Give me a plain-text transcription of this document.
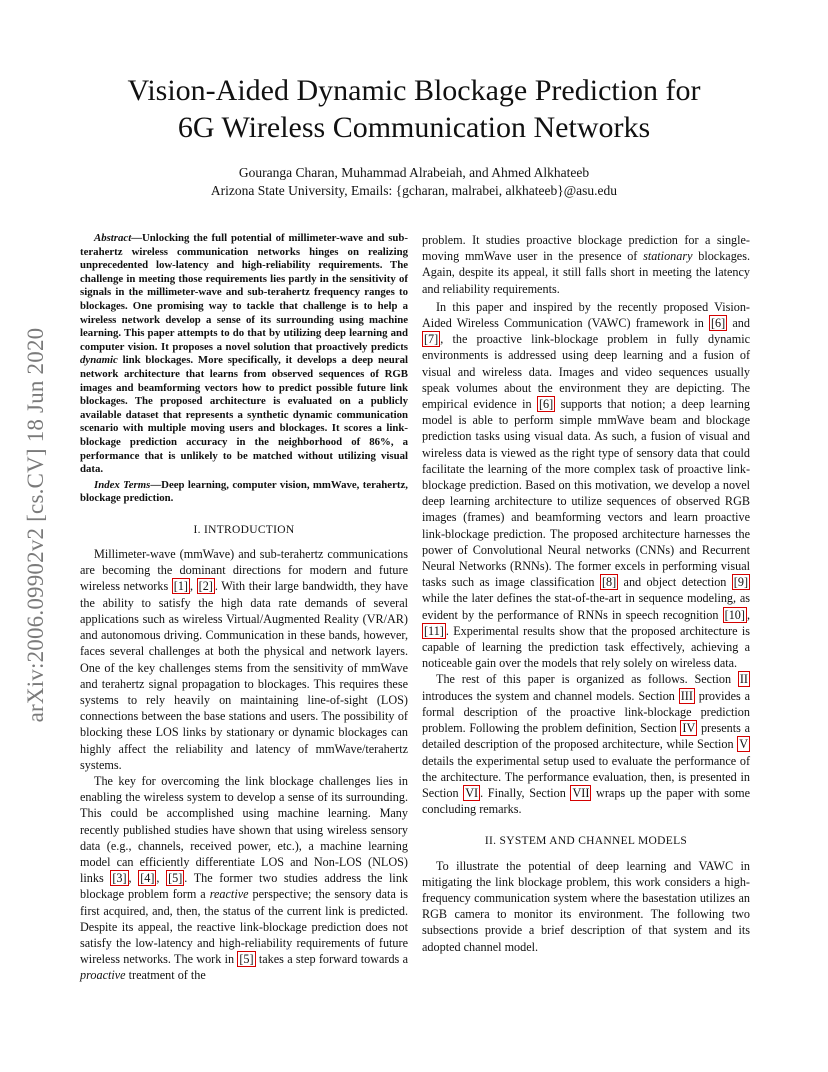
arXiv:2006.09902v2 [cs.CV] 18 Jun 2020
Vision-Aided Dynamic Blockage Prediction for
6G Wireless Communication Networks
Gouranga Charan, Muhammad Alrabeiah, and Ahmed Alkhateeb
Arizona State University, Emails: {gcharan, malrabei, alkhateeb}@asu.edu

Abstract—Unlocking the full potential of millimeter-wave and sub-terahertz wireless communication networks hinges on realizing unprecedented low-latency and high-reliability requirements. The challenge in meeting those requirements lies partly in the sensitivity of signals in the millimeter-wave and sub-terahertz frequency ranges to blockages. One promising way to tackle that challenge is to help a wireless network develop a sense of its surrounding using machine learning. This paper attempts to do that by utilizing deep learning and computer vision. It proposes a novel solution that proactively predicts dynamic link blockages. More specifically, it develops a deep neural network architecture that learns from observed sequences of RGB images and beamforming vectors how to predict possible future link blockages. The proposed architecture is evaluated on a publicly available dataset that represents a synthetic dynamic communication scenario with multiple moving users and blockages. It scores a link-blockage prediction accuracy in the neighborhood of 86%, a performance that is unlikely to be matched without utilizing visual data.

Index Terms—Deep learning, computer vision, mmWave, terahertz, blockage prediction.

I. INTRODUCTION

Millimeter-wave (mmWave) and sub-terahertz communications are becoming the dominant directions for modern and future wireless networks [1] , [2] . With their large bandwidth, they have the ability to satisfy the high data rate demands of several applications such as wireless Virtual/Augmented Reality (VR/AR) and autonomous driving. Communication in these bands, however, faces several challenges at both the physical and network layers. One of the key challenges stems from the sensitivity of mmWave and terahertz signal propagation to blockages. This requires these systems to rely heavily on maintaining line-of-sight (LOS) connections between the base stations and users. The possibility of blocking these LOS links by stationary or dynamic blockages can highly affect the reliability and latency of mmWave/terahertz systems.

The key for overcoming the link blockage challenges lies in enabling the wireless system to develop a sense of its surrounding. This could be accomplished using machine learning. Many recently published studies have shown that using wireless sensory data (e.g., channels, received power, etc.), a machine learning model can efficiently differentiate LOS and Non-LOS (NLOS) links [3] , [4] , [5] . The former two studies address the link blockage problem form a reactive perspective; the sensory data is first acquired, and, then, the status of the current link is predicted. Despite its appeal, the reactive link-blockage prediction does not satisfy the low-latency and high-reliability requirements of future wireless networks. The work in [5] takes a step forward towards a proactive treatment of the

problem. It studies proactive blockage prediction for a single-moving mmWave user in the presence of stationary blockages. Again, despite its appeal, it still falls short in meeting the latency and reliability requirements.

In this paper and inspired by the recently proposed Vision-Aided Wireless Communication (VAWC) framework in [6] and [7] , the proactive link-blockage problem in fully dynamic environments is addressed using deep learning and a fusion of visual and wireless data. Images and video sequences usually speak volumes about the environment they are depicting. The empirical evidence in [6] supports that notion; a deep learning model is able to perform simple mmWave beam and blockage prediction tasks using visual data. As such, a fusion of visual and wireless data is viewed as the right type of sensory data that could facilitate the learning of the more complex task of proactive link-blockage prediction. Based on this motivation, we develop a novel deep learning architecture to utilize sequences of observed RGB images (frames) and beamforming vectors and learn proactive link-blockage prediction. The proposed architecture harnesses the power of Convolutional Neural networks (CNNs) and Recurrent Neural Networks (RNNs). The former excels in performing visual tasks such as image classification [8] and object detection [9] while the later defines the stat-of-the-art in sequence modeling, as evident by the performance of RNNs in speech recognition [10] , [11] . Experimental results show that the proposed architecture is capable of learning the prediction task effectively, achieving a noticeable gain over the models that rely solely on wireless data.

The rest of this paper is organized as follows. Section II introduces the system and channel models. Section III provides a formal description of the proactive link-blockage prediction problem. Following the problem definition, Section IV presents a detailed description of the proposed architecture, while Section V details the experimental setup used to evaluate the performance of the architecture. The performance evaluation, then, is presented in Section VI . Finally, Section VII wraps up the paper with some concluding remarks.

II. SYSTEM AND CHANNEL MODELS

To illustrate the potential of deep learning and VAWC in mitigating the link blockage problem, this work considers a high-frequency communication system where the basestation utilizes an RGB camera to monitor its environment. The following two subsections provide a brief description of that system and its adopted channel model.
